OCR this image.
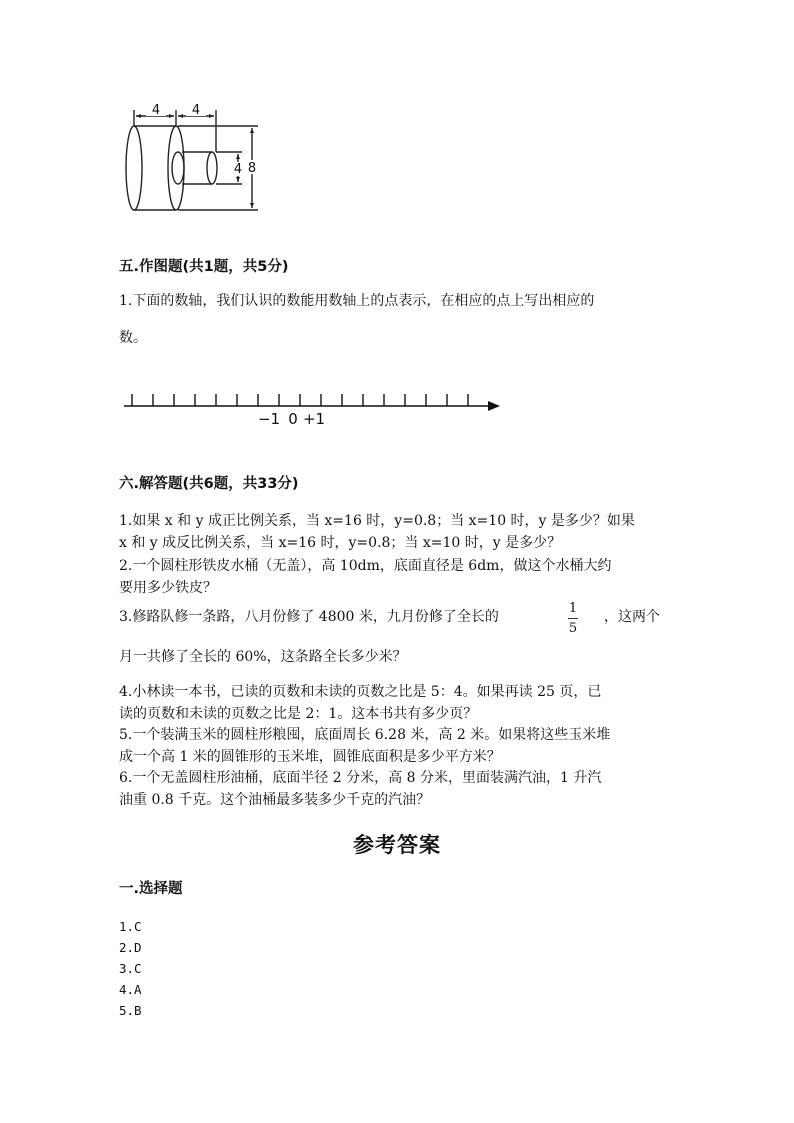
4 4
4 8

五.作图题(共1题，共5分)

1.下面的数轴，我们认识的数能用数轴上的点表示，在相应的点上写出相应的

数。

−1 0 +1

六.解答题(共6题，共33分)

1.如果 x 和 y 成正比例关系，当 x=16 时，y=0.8；当 x=10 时，y 是多少？如果

x 和 y 成反比例关系，当 x=16 时，y=0.8；当 x=10 时，y 是多少？

2.一个圆柱形铁皮水桶（无盖），高 10dm，底面直径是 6dm，做这个水桶大约

要用多少铁皮？

3.修路队修一条路，八月份修了 4800 米，九月份修了全长的

1
5

，这两个

月一共修了全长的 60%，这条路全长多少米？

4.小林读一本书，已读的页数和未读的页数之比是 5：4。如果再读 25 页，已

读的页数和未读的页数之比是 2：1。这本书共有多少页？

5.一个装满玉米的圆柱形粮囤，底面周长 6.28 米，高 2 米。如果将这些玉米堆

成一个高 1 米的圆锥形的玉米堆，圆锥底面积是多少平方米？

6.一个无盖圆柱形油桶，底面半径 2 分米，高 8 分米，里面装满汽油，1 升汽

油重 0.8 千克。这个油桶最多装多少千克的汽油？

参考答案

一.选择题

1.C
2.D
3.C
4.A
5.B
